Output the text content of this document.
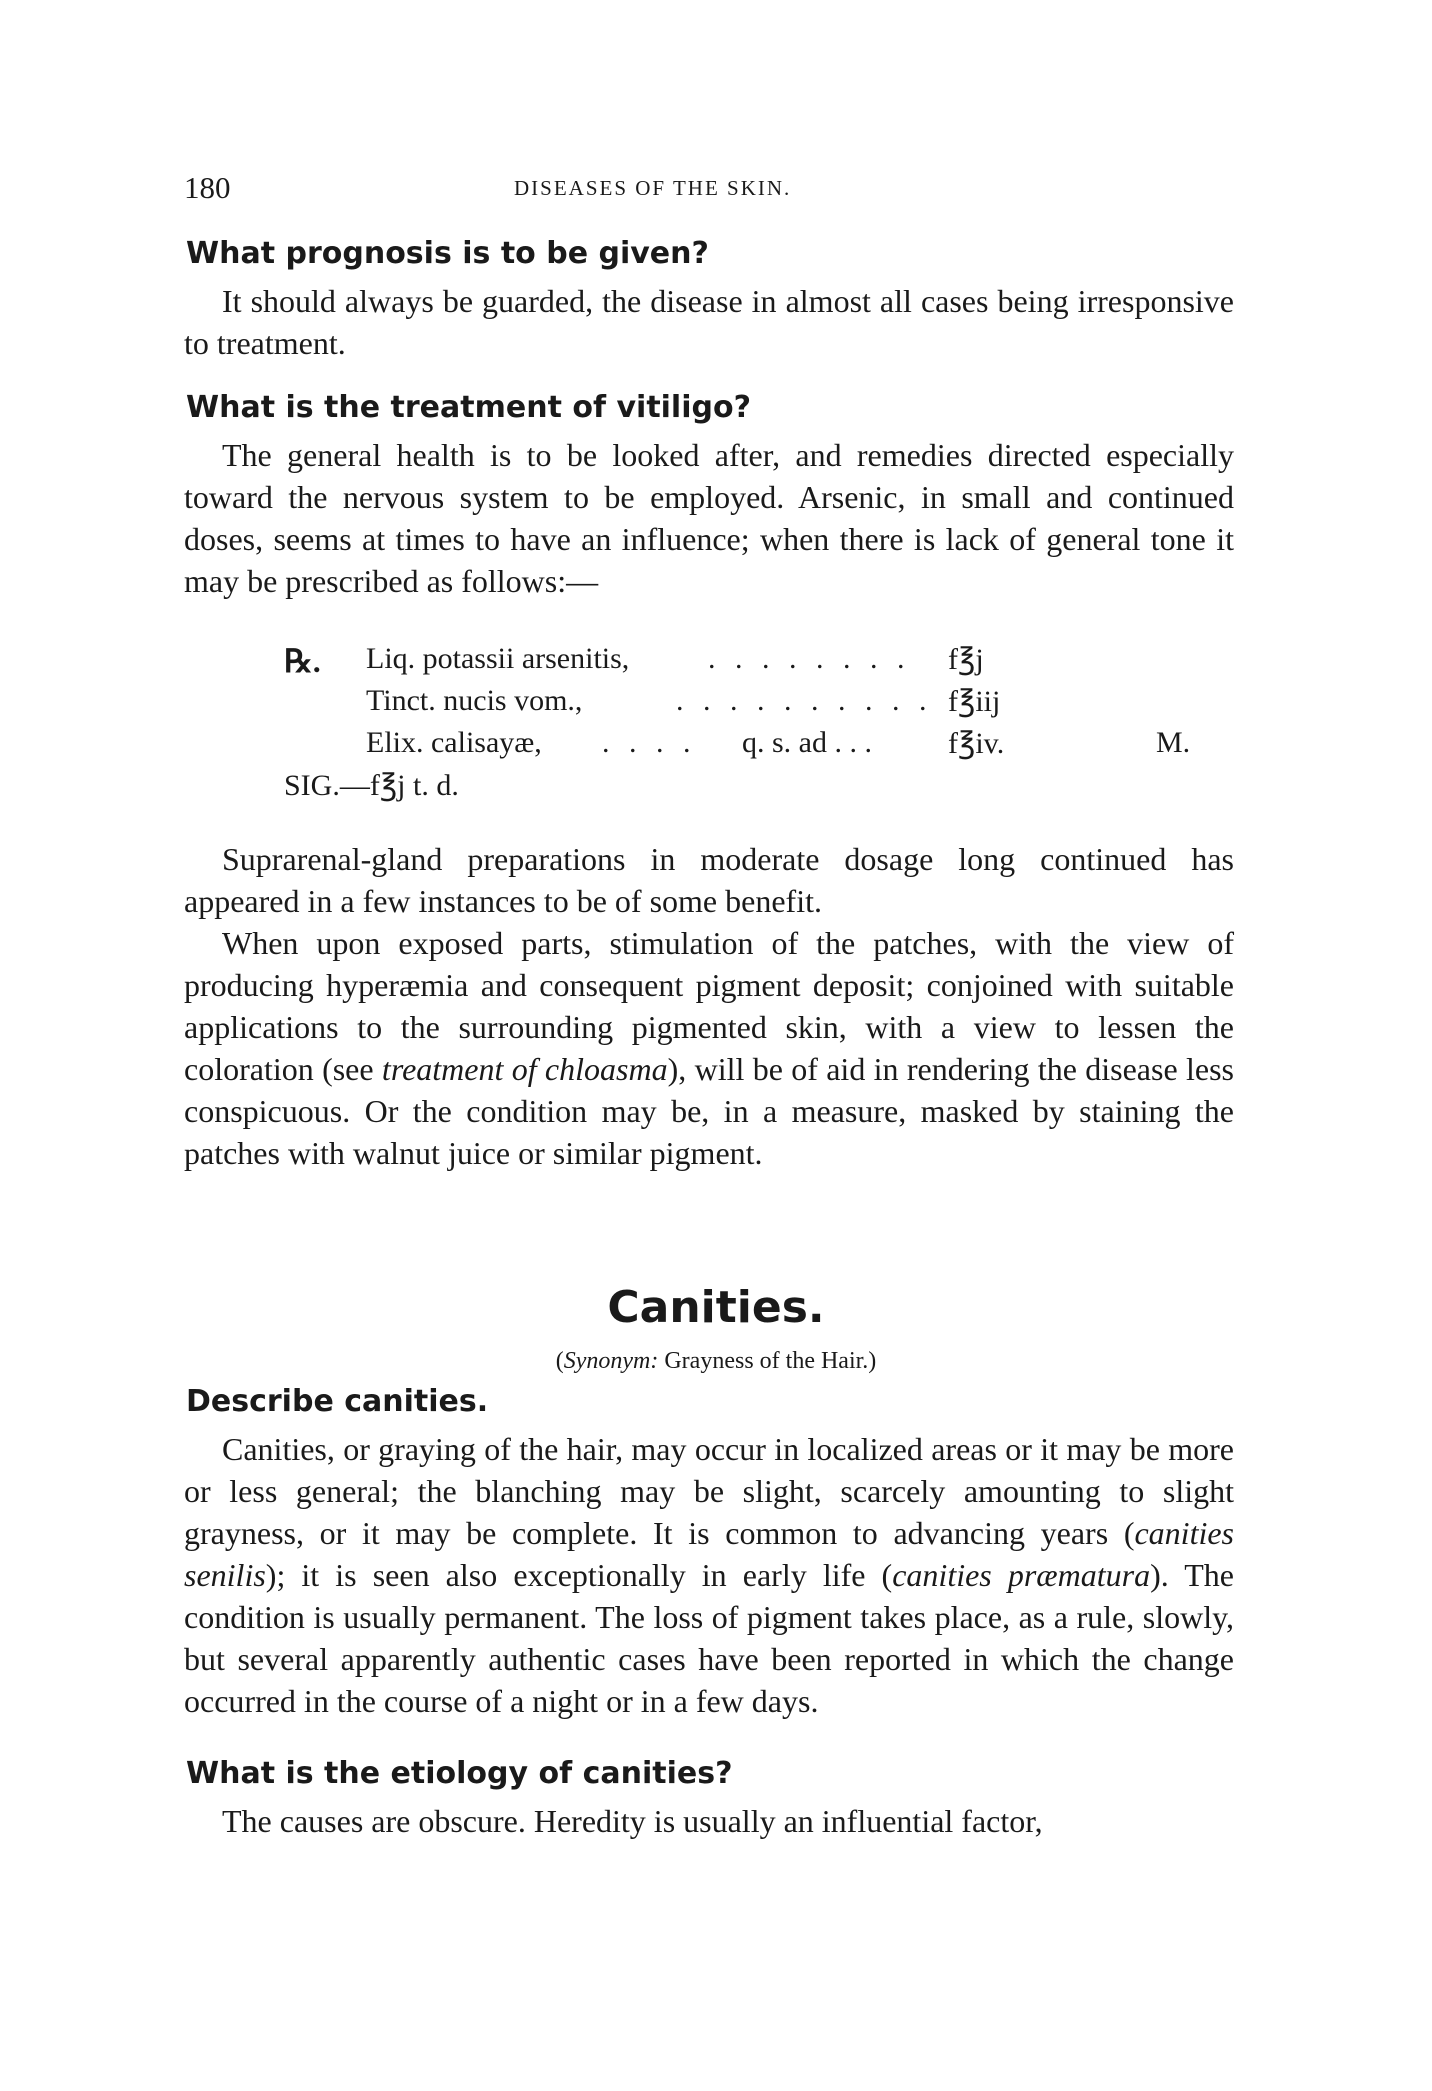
180	DISEASES OF THE SKIN.
What prognosis is to be given?
It should always be guarded, the disease in almost all cases being irresponsive to treatment.
What is the treatment of vitiligo?
The general health is to be looked after, and remedies directed especially toward the nervous system to be employed. Arsenic, in small and continued doses, seems at times to have an influence; when there is lack of general tone it may be prescribed as follows:—
℞. Liq. potassii arsenitis,	. . . . . . . . f℥j
Tinct. nucis vom.,	. . . . . . . . . . f℥iij
Elix. calisayæ, . . . . q. s. ad . . .	f℥iv.	M.
SIG.—f℥j t. d.
Suprarenal-gland preparations in moderate dosage long continued has appeared in a few instances to be of some benefit.
When upon exposed parts, stimulation of the patches, with the view of producing hyperæmia and consequent pigment deposit; conjoined with suitable applications to the surrounding pigmented skin, with a view to lessen the coloration (see treatment of chloasma), will be of aid in rendering the disease less conspicuous. Or the condition may be, in a measure, masked by staining the patches with walnut juice or similar pigment.
Canities.
(Synonym: Grayness of the Hair.)
Describe canities.
Canities, or graying of the hair, may occur in localized areas or it may be more or less general; the blanching may be slight, scarcely amounting to slight grayness, or it may be complete. It is common to advancing years (canities senilis); it is seen also exceptionally in early life (canities præmatura). The condition is usually permanent. The loss of pigment takes place, as a rule, slowly, but several apparently authentic cases have been reported in which the change occurred in the course of a night or in a few days.
What is the etiology of canities?
The causes are obscure. Heredity is usually an influential factor,
